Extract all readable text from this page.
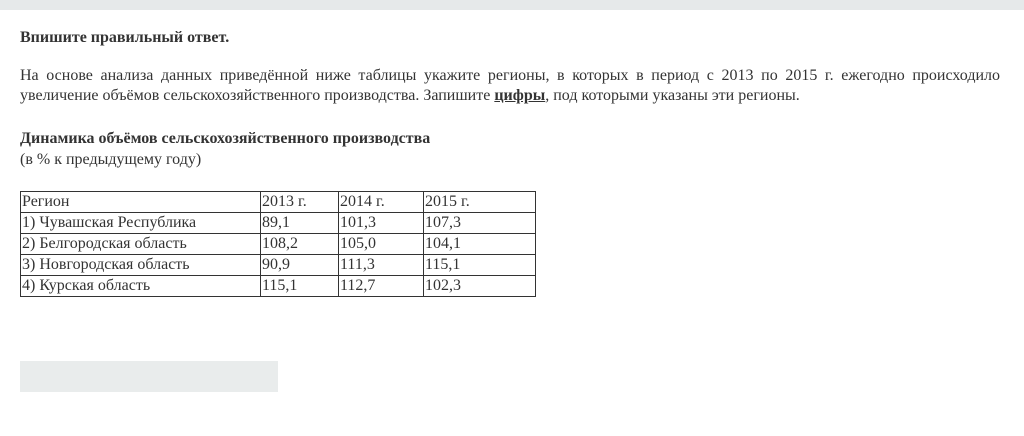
Впишите правильный ответ.

На основе анализа данных приведённой ниже таблицы укажите регионы, в которых в период с 2013 по 2015 г. ежегодно происходило увеличение объёмов сельскохозяйственного производства. Запишите цифры, под которыми указаны эти регионы.

Динамика объёмов сельскохозяйственного производства
(в % к предыдущему году)

Регион	2013 г.	2014 г.	2015 г.
1) Чувашская Республика	89,1	101,3	107,3
2) Белгородская область	108,2	105,0	104,1
3) Новгородская область	90,9	111,3	115,1
4) Курская область	115,1	112,7	102,3
